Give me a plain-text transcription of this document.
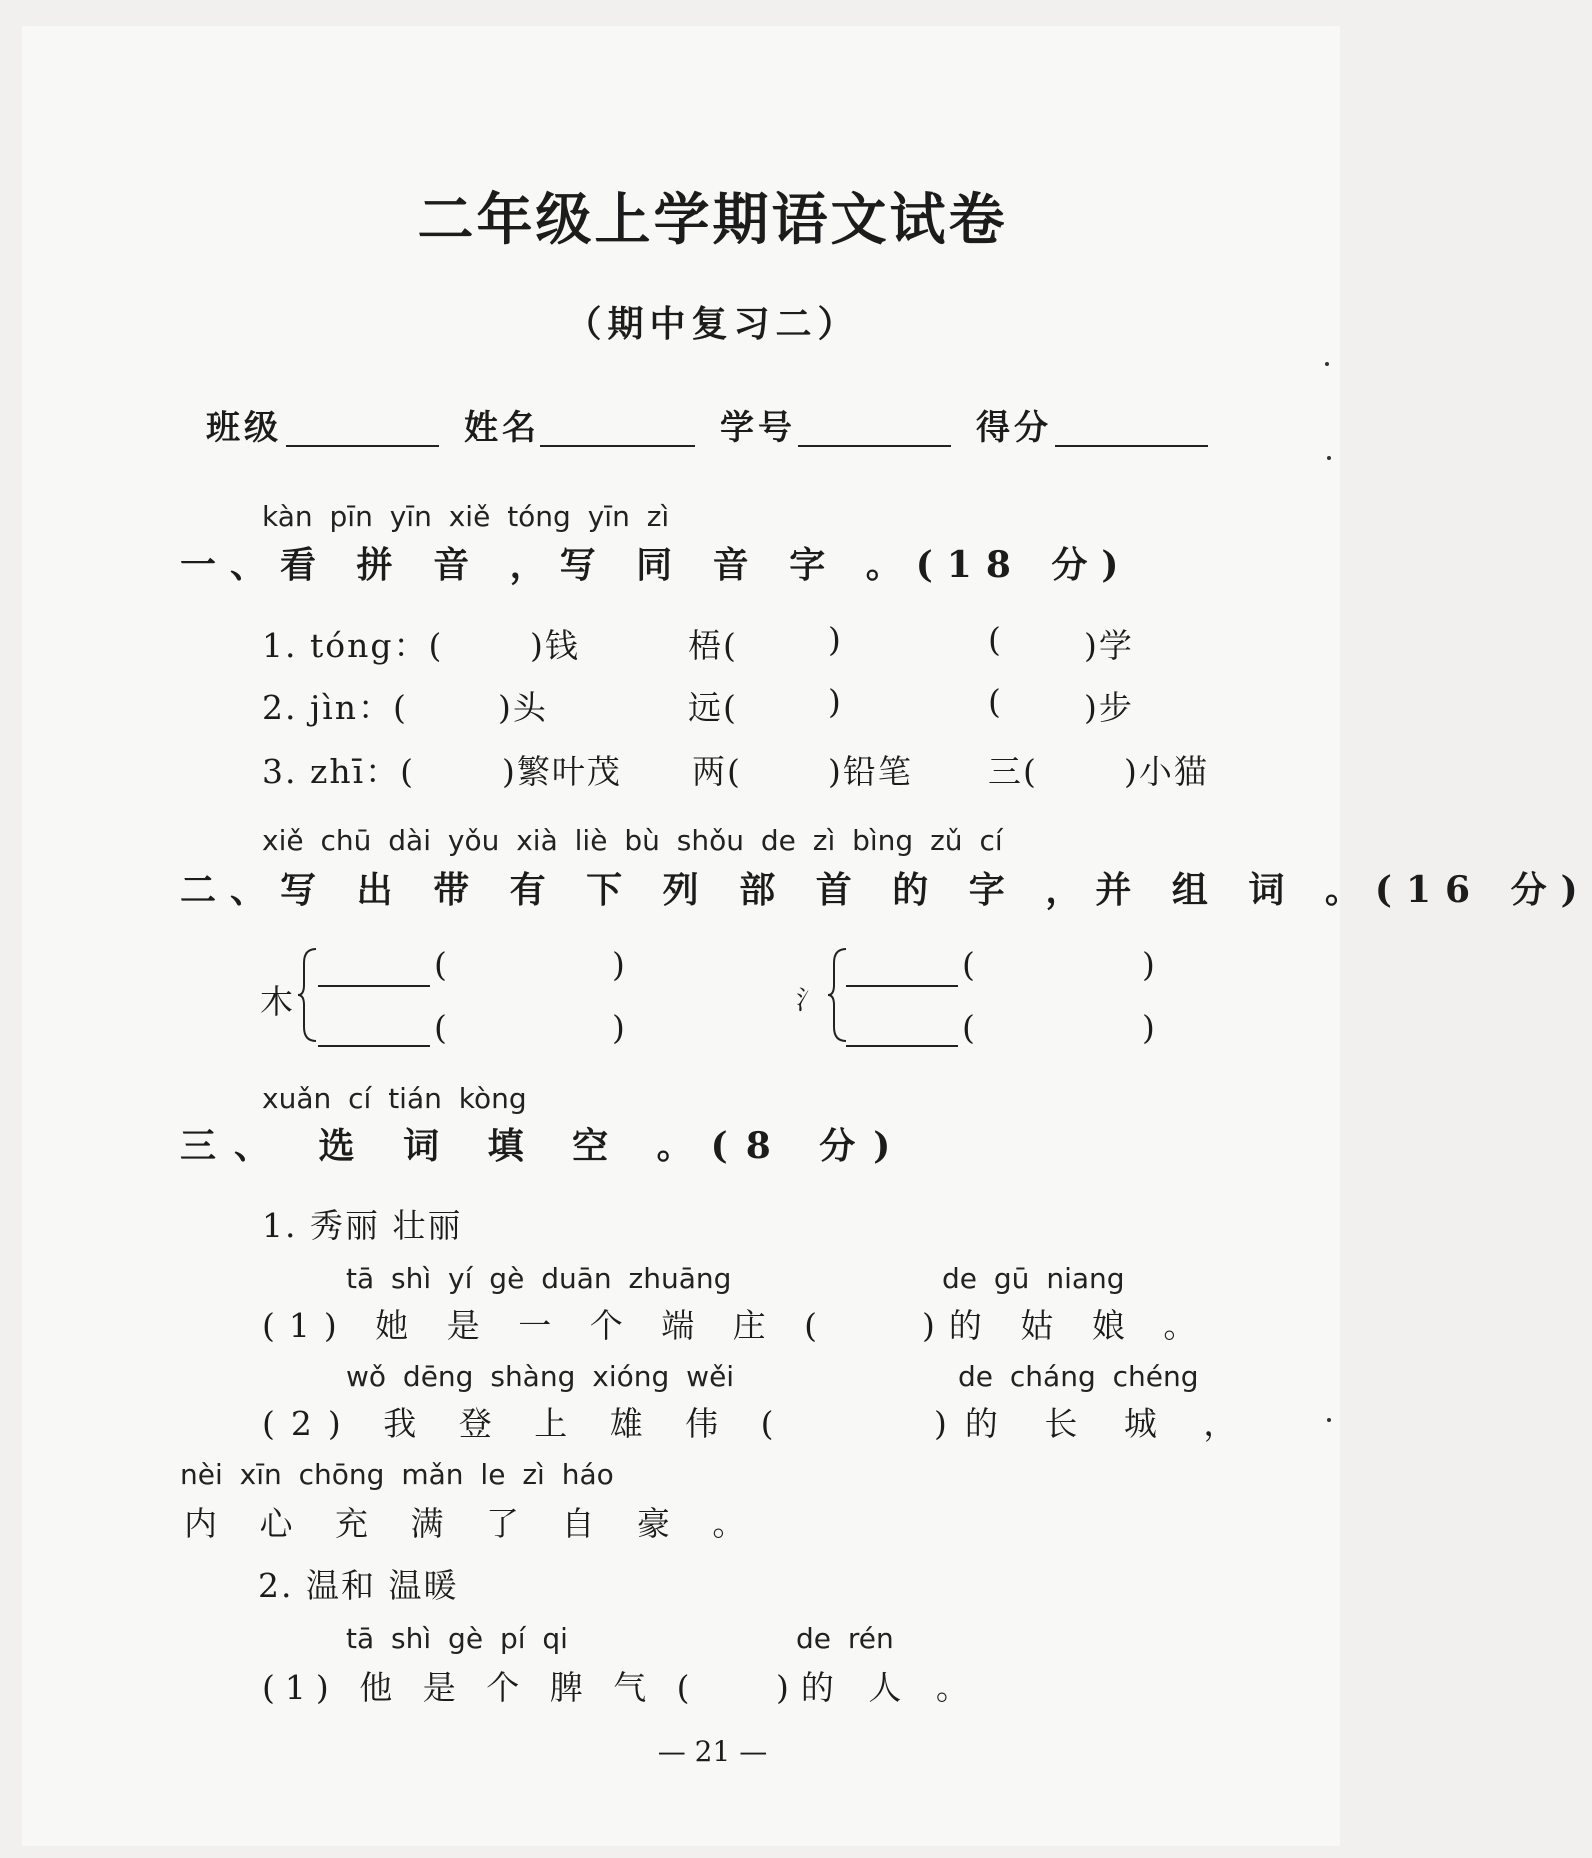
二年级上学期语文试卷
（期中复习二）
班级	姓名	学号	得分
kàn pīn yīn xiě tóng yīn zì
一、看 拼 音 ，写 同 音 字 。(18 分)
1. tóng：(	)钱	梧(	)	( )学
2. jìn：(	)头	远(	)	( )步
3. zhī：(	)繁叶茂 两(	)铅笔 三(	)小猫
xiě chū dài yǒu xià liè bù shǒu de zì bìng zǔ cí
二、写 出 带 有 下 列 部 首 的 字 ，并 组 词 。(16 分)
木
(	)
(	)
氵
(	)
(	)
xuǎn cí tián kòng
三、 选 词 填 空 。(8 分)
1. 秀丽 壮丽
tā shì yí gè duān zhuāng	de gū niang
(1) 她 是 一 个 端 庄 (	)的 姑 娘 。
wǒ dēng shàng xióng wěi	de cháng chéng
(2) 我 登 上 雄 伟 (	)的 长 城 ，
nèi xīn chōng mǎn le zì háo
内 心 充 满 了 自 豪 。
2. 温和 温暖
tā shì gè pí qi	de rén
(1) 他 是 个 脾 气 ( )的 人 。
— 21 —
